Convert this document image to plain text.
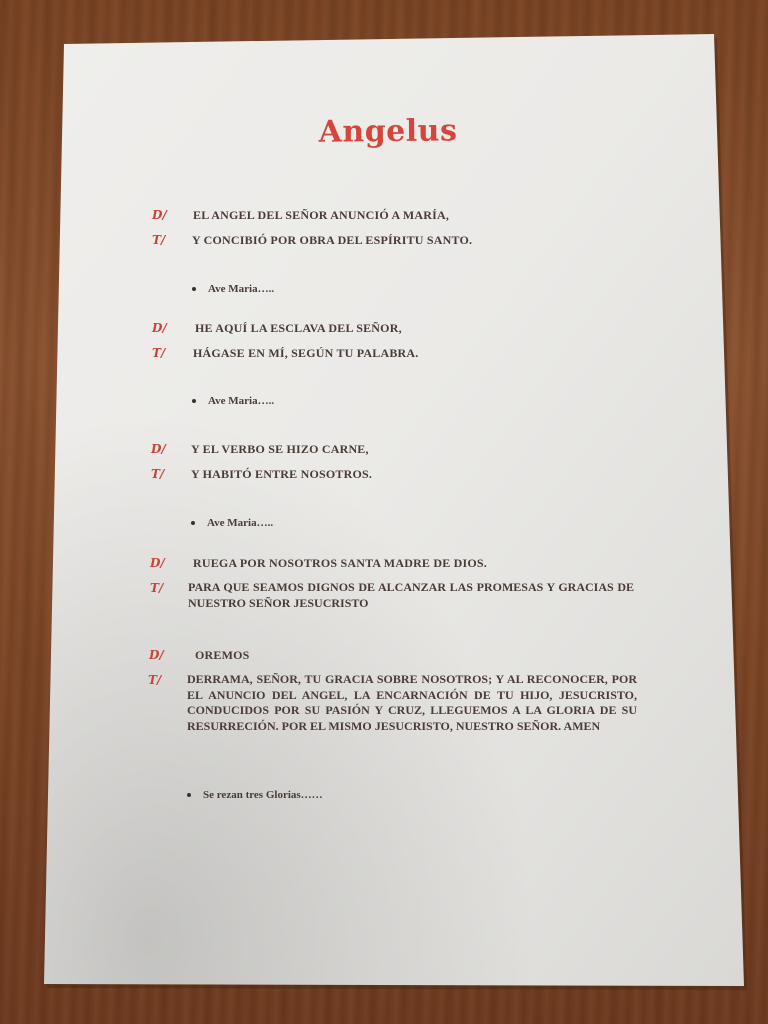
Angelus
D/ EL ANGEL DEL SEÑOR ANUNCIÓ A MARÍA,
T/ Y CONCIBIÓ POR OBRA DEL ESPÍRITU SANTO.
Ave Maria…..
D/ HE AQUÍ LA ESCLAVA DEL SEÑOR,
T/ HÁGASE EN MÍ, SEGÚN TU PALABRA.
Ave Maria…..
D/ Y EL VERBO SE HIZO CARNE,
T/ Y HABITÓ ENTRE NOSOTROS.
Ave Maria…..
D/ RUEGA POR NOSOTROS SANTA MADRE DE DIOS.
T/ PARA QUE SEAMOS DIGNOS DE ALCANZAR LAS PROMESAS Y GRACIAS DE NUESTRO SEÑOR JESUCRISTO
D/	OREMOS
T/ DERRAMA, SEÑOR, TU GRACIA SOBRE NOSOTROS; Y AL RECONOCER, POR EL ANUNCIO DEL ANGEL, LA ENCARNACIÓN DE TU HIJO, JESUCRISTO, CONDUCIDOS POR SU PASIÓN Y CRUZ, LLEGUEMOS A LA GLORIA DE SU RESURRECIÓN. POR EL MISMO JESUCRISTO, NUESTRO SEÑOR. AMEN
Se rezan tres Glorias……
